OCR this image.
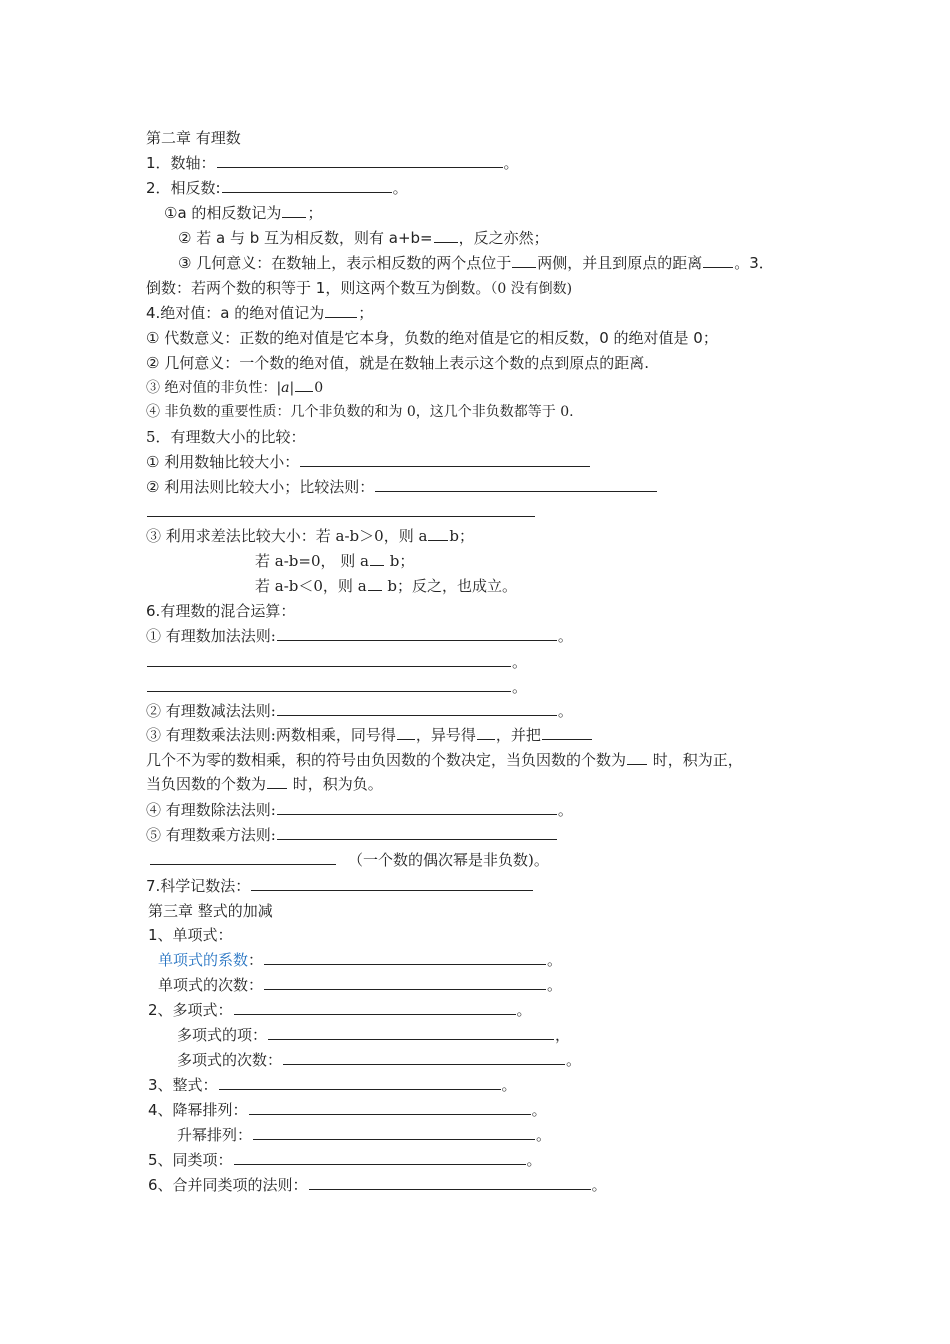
第二章 有理数
1．数轴：	。
2．相反数:	。
①a 的相反数记为 ；
② 若 a 与 b 互为相反数，则有 a+b= ，反之亦然；
③ 几何意义：在数轴上，表示相反数的两个点位于 两侧，并且到原点的距离 。3．
倒数：若两个数的积等于 1，则这两个数互为倒数。（0 没有倒数)
4.绝对值：a 的绝对值记为 ；
① 代数意义：正数的绝对值是它本身，负数的绝对值是它的相反数，0 的绝对值是 0；
② 几何意义：一个数的绝对值，就是在数轴上表示这个数的点到原点的距离.
③ 绝对值的非负性：|a| 0
④ 非负数的重要性质：几个非负数的和为 0，这几个非负数都等于 0.
5．有理数大小的比较：
① 利用数轴比较大小：
② 利用法则比较大小；比较法则：
③ 利用求差法比较大小：若 a-b＞0，则 a b；
若 a-b=0， 则 a b；
若 a-b＜0，则 a b；反之，也成立。
6.有理数的混合运算：
① 有理数加法法则:	。
。
。
② 有理数减法法则:	。
③ 有理数乘法法则:两数相乘，同号得 ，异号得 ，并把
几个不为零的数相乘，积的符号由负因数的个数决定，当负因数的个数为 时，积为正，
当负因数的个数为 时，积为负。
④ 有理数除法法则:	。
⑤ 有理数乘方法则:
（一个数的偶次幂是非负数)。
7.科学记数法：
第三章 整式的加减
1、单项式：
单项式的系数：	。
单项式的次数：	。
2、多项式：	。
多项式的项：	，
多项式的次数：	。
3、整式：	。
4、降幂排列：	。
升幂排列：	。
5、同类项：	。
6、合并同类项的法则：	。
